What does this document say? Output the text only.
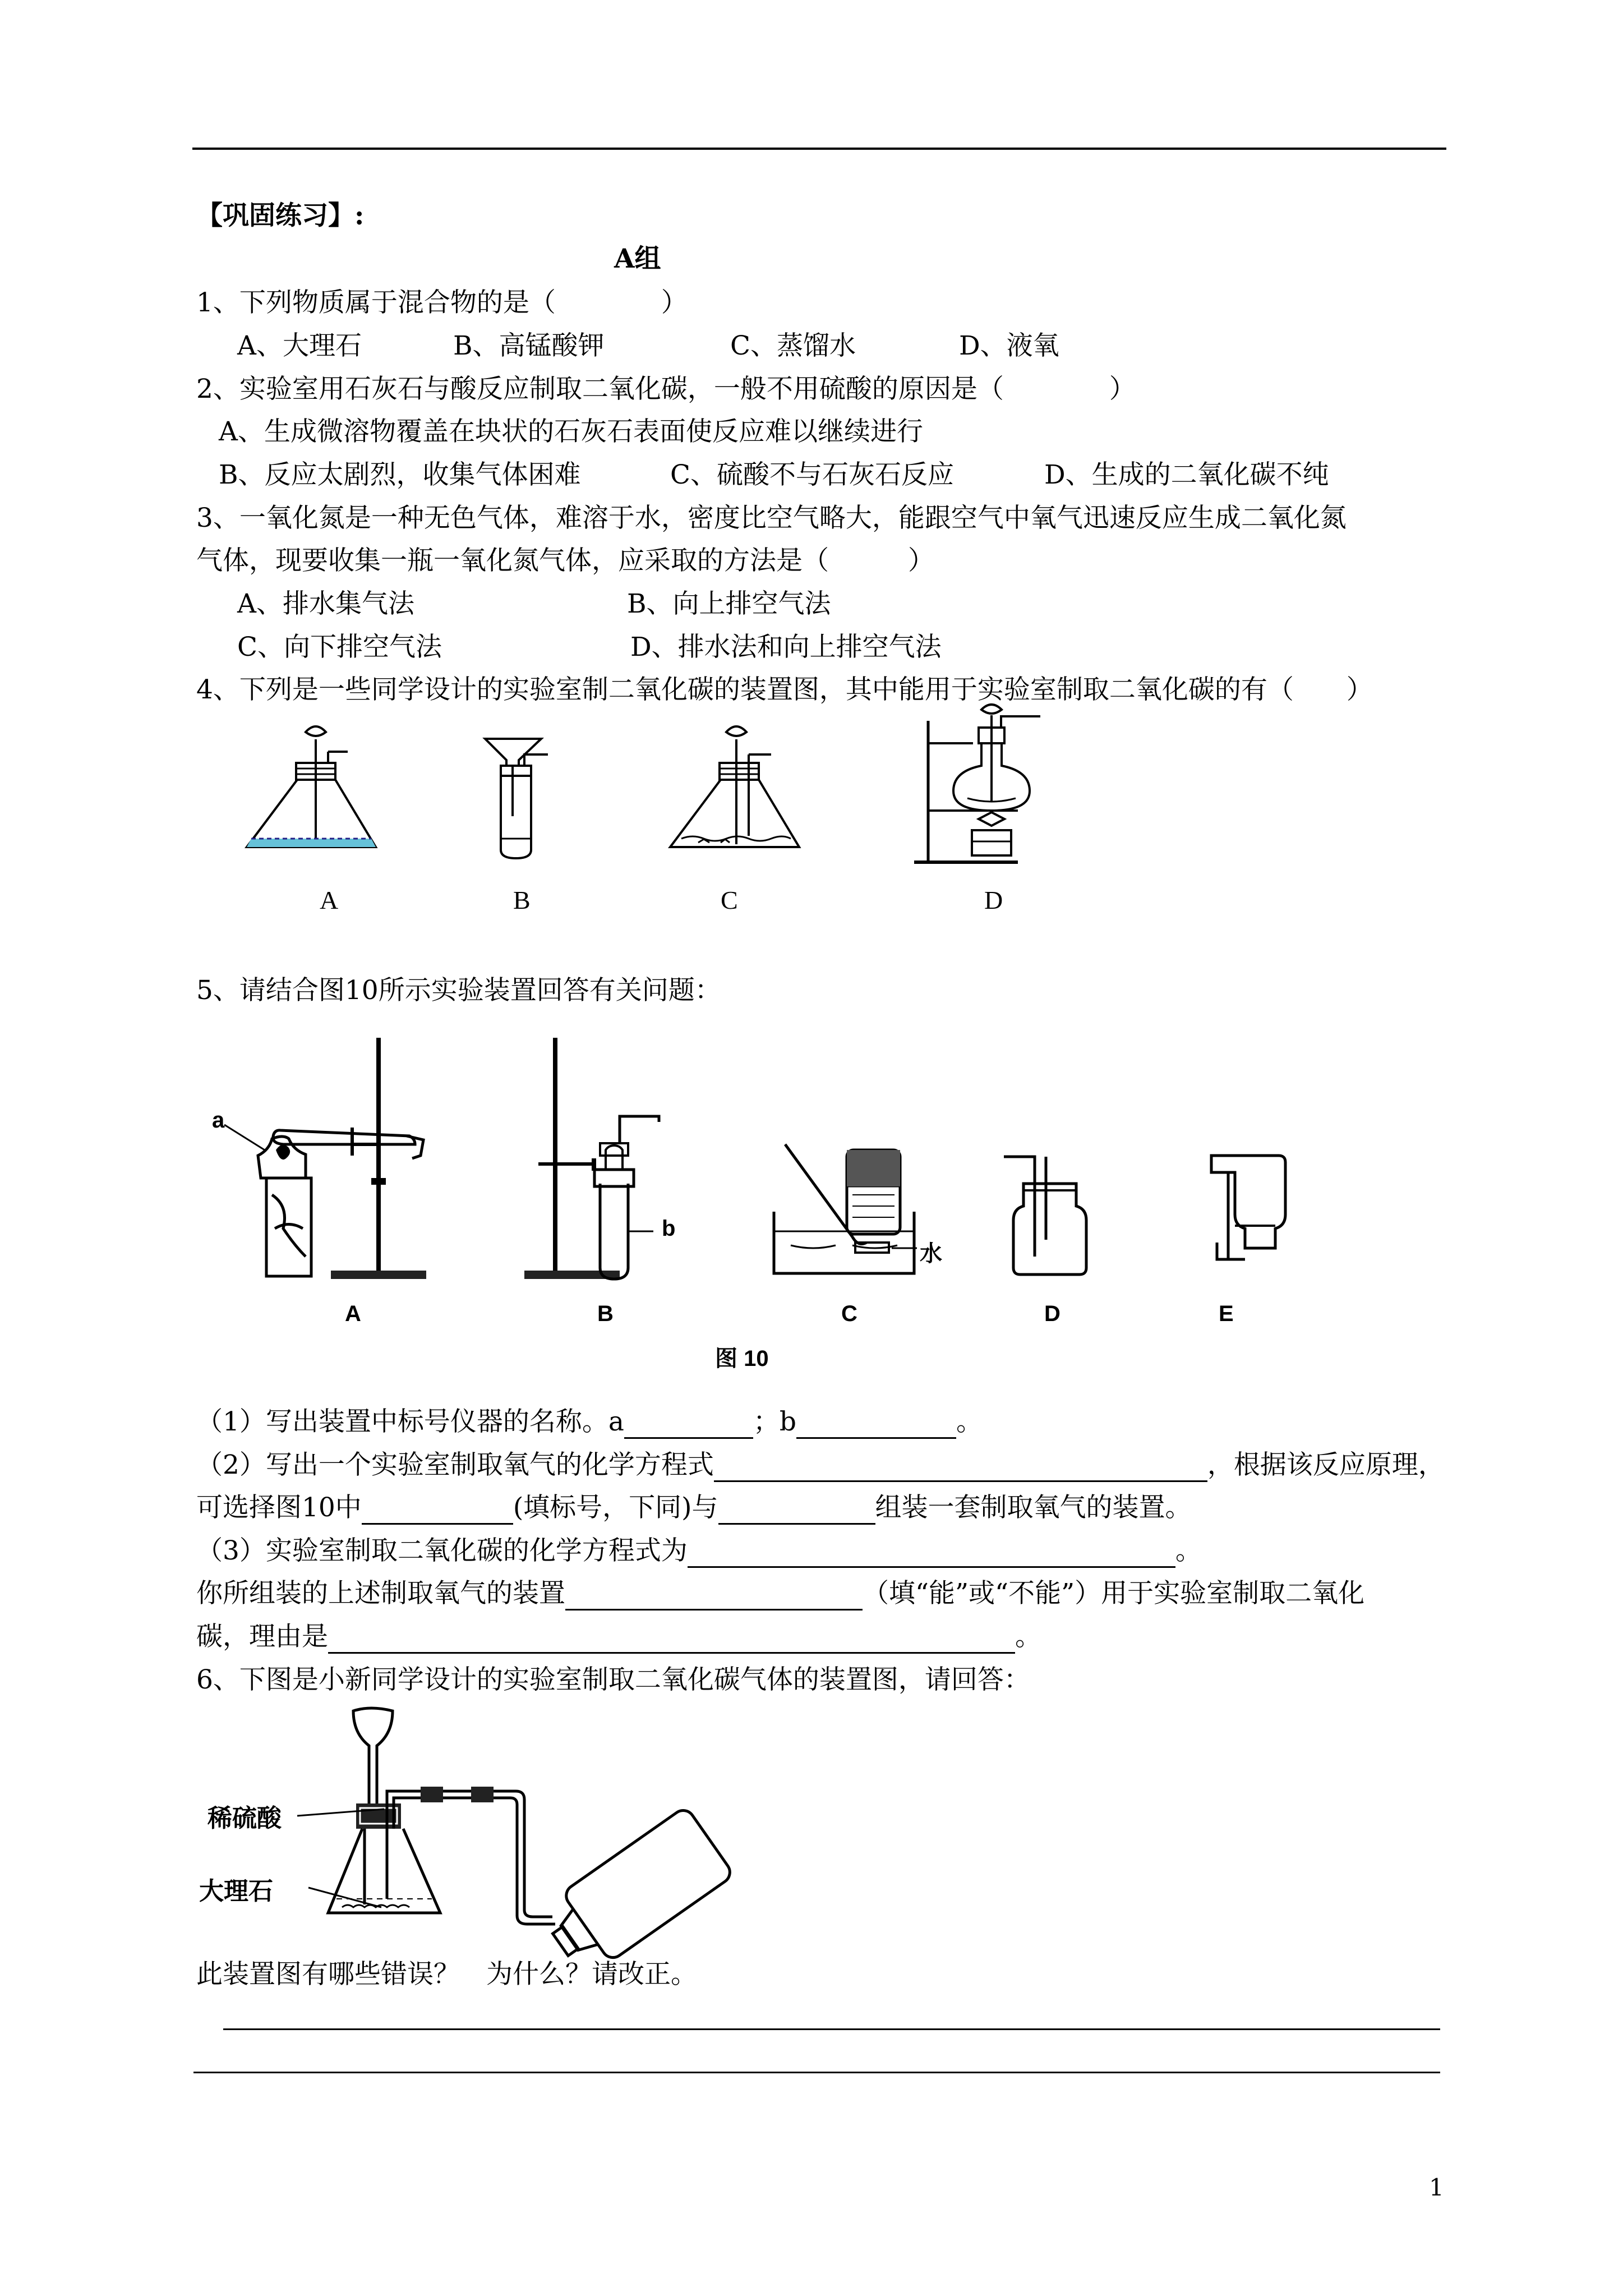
【巩固练习】:
A组
1、下列物质属于混合物的是（　　　　）
A、大理石	B、高锰酸钾	C、蒸馏水	D、液氧
2、实验室用石灰石与酸反应制取二氧化碳，一般不用硫酸的原因是（　　　　）
A、生成微溶物覆盖在块状的石灰石表面使反应难以继续进行
B、反应太剧烈，收集气体困难	C、硫酸不与石灰石反应	D、生成的二氧化碳不纯
3、一氧化氮是一种无色气体，难溶于水，密度比空气略大，能跟空气中氧气迅速反应生成二氧化氮
气体，现要收集一瓶一氧化氮气体，应采取的方法是（　　　）
A、排水集气法	B、向上排空气法
C、向下排空气法	D、排水法和向上排空气法
4、下列是一些同学设计的实验室制二氧化碳的装置图，其中能用于实验室制取二氧化碳的有（　　）
A	B	C	D
5、请结合图10所示实验装置回答有关问题：
a
A
b
B
水
C	D	E
图 10
（1）写出装置中标号仪器的名称。a	；b	。
（2）写出一个实验室制取氧气的化学方程式	，根据该反应原理，
可选择图10中	(填标号，下同)与	组装一套制取氧气的装置。
（3）实验室制取二氧化碳的化学方程式为	。
你所组装的上述制取氧气的装置	（填“能”或“不能”）用于实验室制取二氧化
碳，理由是	。
6、下图是小新同学设计的实验室制取二氧化碳气体的装置图，请回答：
稀硫酸
大理石
此装置图有哪些错误？　为什么？请改正。
1
